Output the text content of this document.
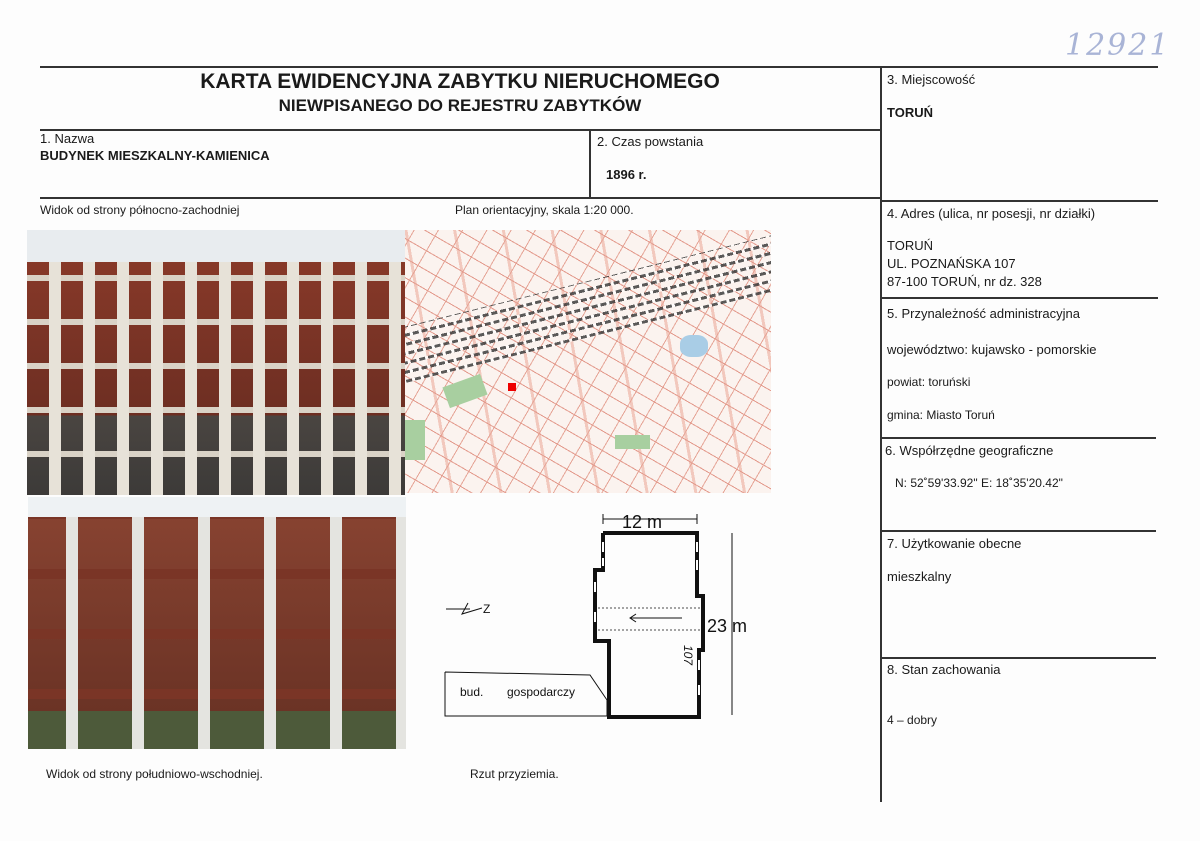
12921
KARTA EWIDENCYJNA ZABYTKU NIERUCHOMEGO
NIEWPISANEGO DO REJESTRU ZABYTKÓW
1. Nazwa
BUDYNEK MIESZKALNY-KAMIENICA
2. Czas powstania
1896 r.
3. Miejscowość
TORUŃ
4. Adres (ulica, nr posesji, nr działki)
TORUŃ
UL. POZNAŃSKA 107
87-100 TORUŃ, nr dz. 328
5. Przynależność administracyjna
województwo: kujawsko - pomorskie
powiat: toruński
gmina: Miasto Toruń
6. Współrzędne geograficzne
N: 52˚59'33.92" E: 18˚35'20.42"
7. Użytkowanie obecne
mieszkalny
8. Stan zachowania
4 – dobry
Widok od strony północno-zachodniej	Plan orientacyjny, skala 1:20 000.
Widok od strony południowo-wschodniej.	Rzut przyziemia.
12 m
23 m
107
Z
bud. gospodarczy
